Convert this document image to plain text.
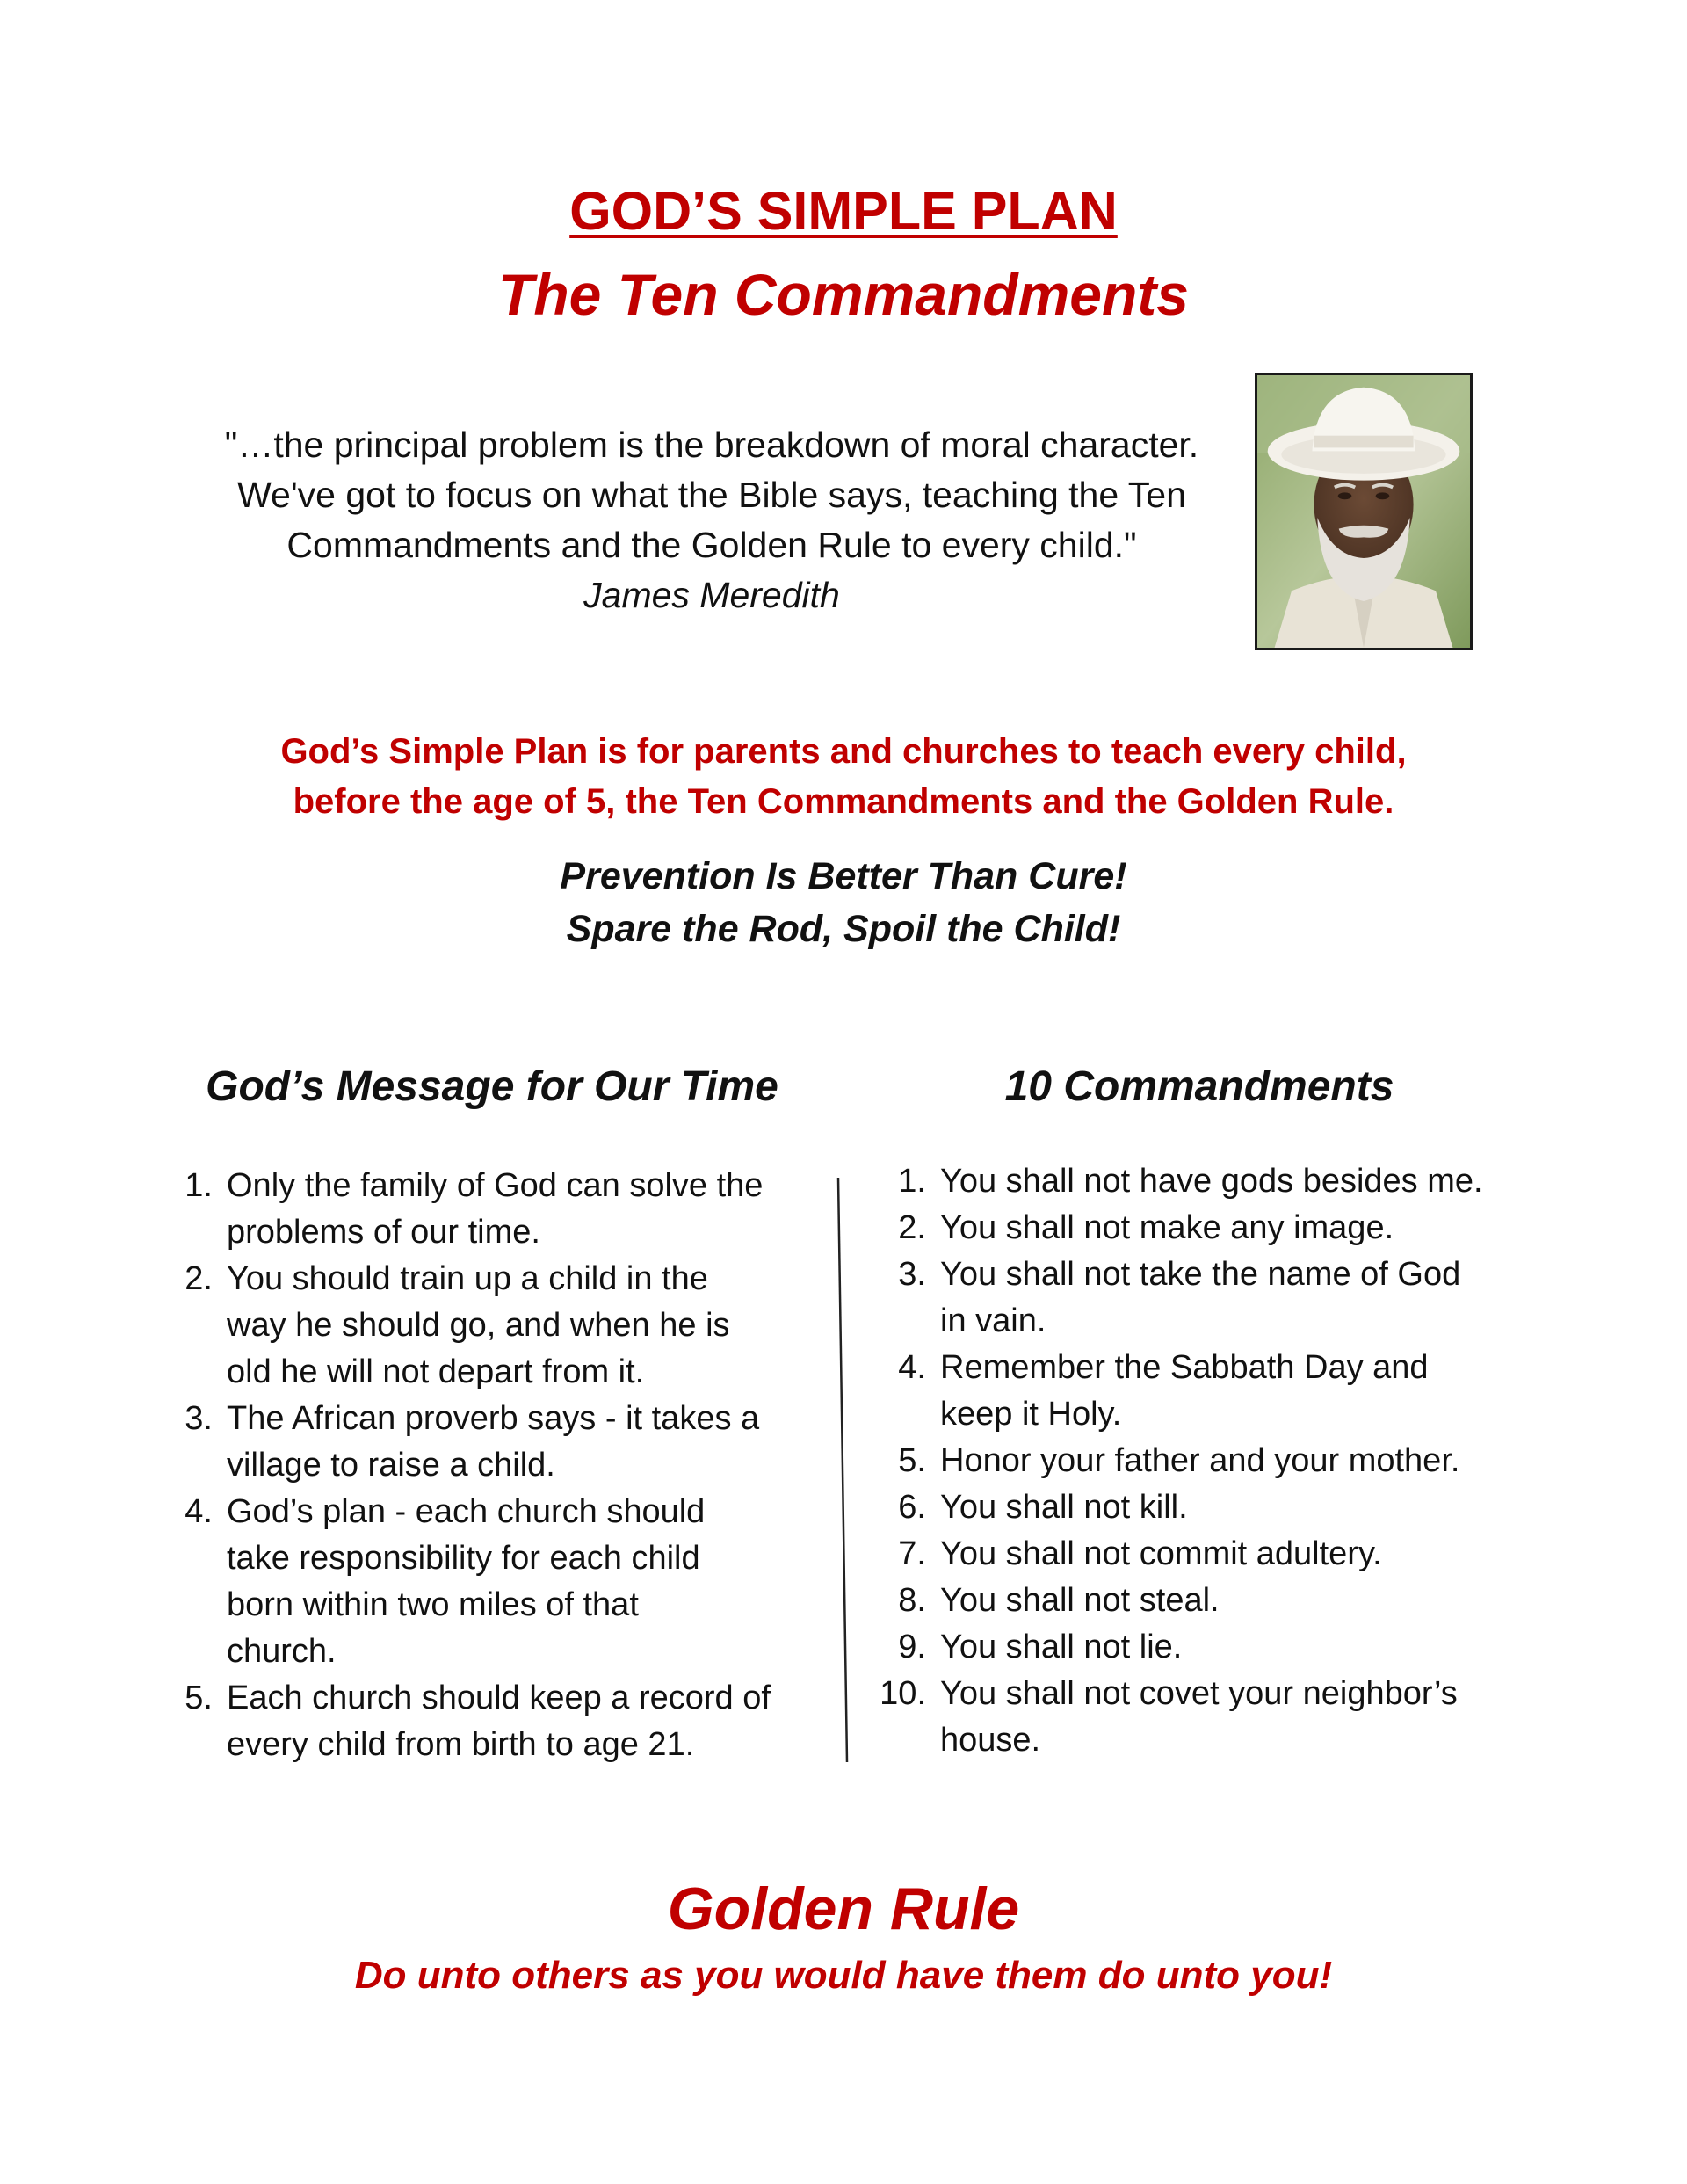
GOD’S SIMPLE PLAN
The Ten Commandments
"…the principal problem is the breakdown of moral character.
We've got to focus on what the Bible says, teaching the Ten
Commandments and the Golden Rule to every child."
James Meredith
God’s Simple Plan is for parents and churches to teach every child,
before the age of 5, the Ten Commandments and the Golden Rule.
Prevention Is Better Than Cure!
Spare the Rod, Spoil the Child!
God’s Message for Our Time	10 Commandments
1. Only the family of God can solve the
problems of our time.
2. You should train up a child in the
way he should go, and when he is
old he will not depart from it.
3. The African proverb says - it takes a
village to raise a child.
4. God’s plan - each church should
take responsibility for each child
born within two miles of that
church.
5. Each church should keep a record of
every child from birth to age 21.
1. You shall not have gods besides me.
2. You shall not make any image.
3. You shall not take the name of God
in vain.
4. Remember the Sabbath Day and
keep it Holy.
5. Honor your father and your mother.
6. You shall not kill.
7. You shall not commit adultery.
8. You shall not steal.
9. You shall not lie.
10. You shall not covet your neighbor’s
house.
Golden Rule
Do unto others as you would have them do unto you!
